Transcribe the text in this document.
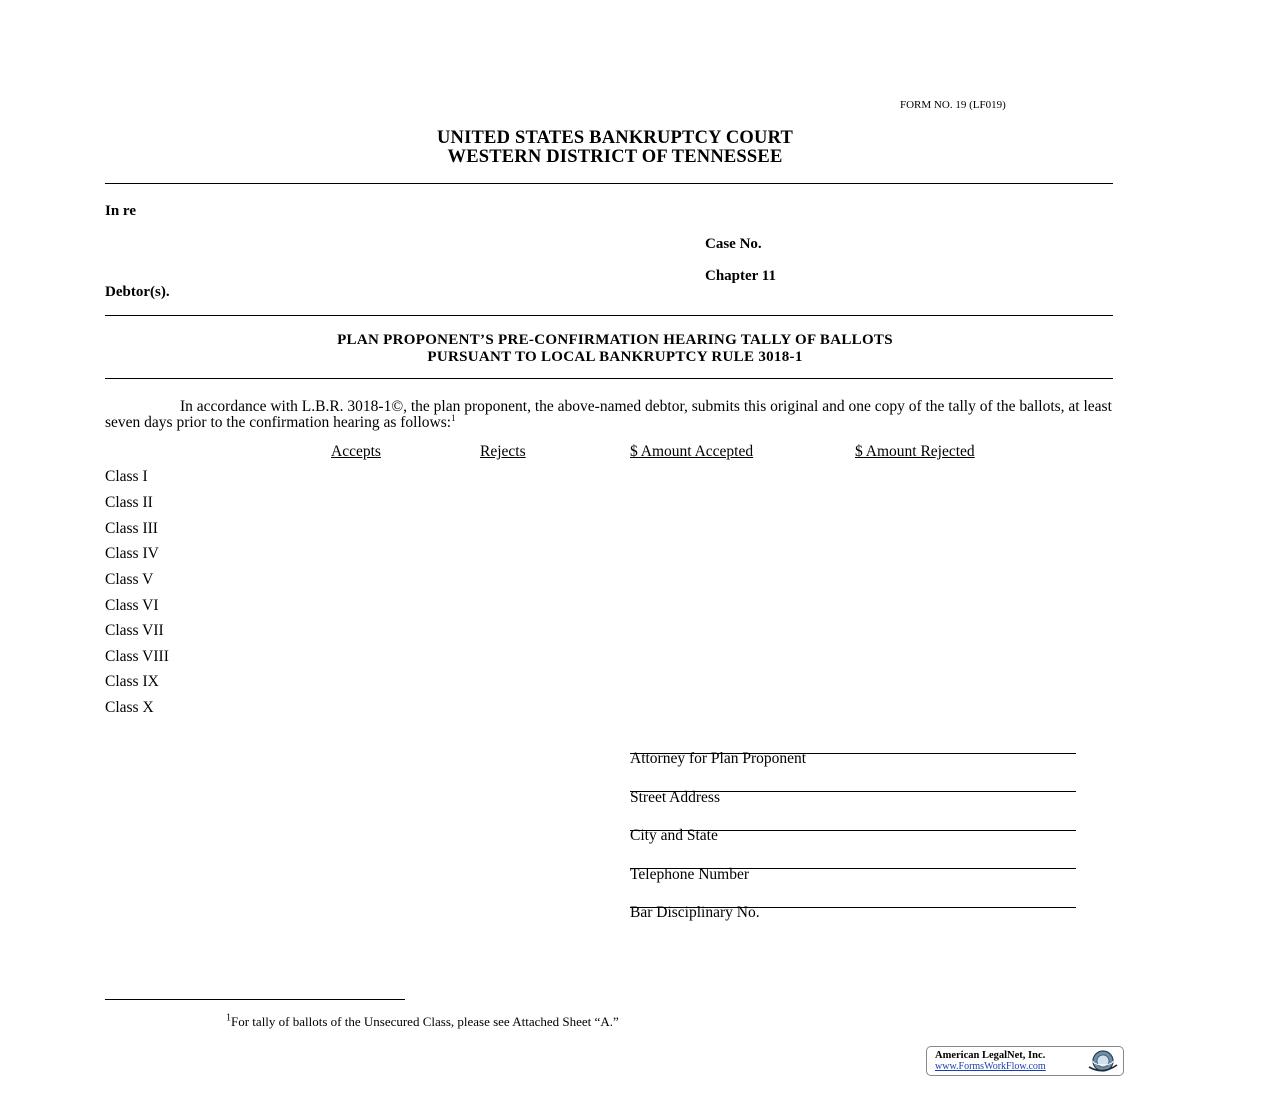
FORM NO. 19 (LF019)
UNITED STATES BANKRUPTCY COURT
WESTERN DISTRICT OF TENNESSEE
In re
Case No.
Chapter 11
Debtor(s).
PLAN PROPONENT’S PRE-CONFIRMATION HEARING TALLY OF BALLOTS
PURSUANT TO LOCAL BANKRUPTCY RULE 3018-1
In accordance with L.B.R. 3018-1©, the plan proponent, the above-named debtor, submits this original and one copy of the tally of the ballots, at least seven days prior to the confirmation hearing as follows:$^1$
Accepts	Rejects	$ Amount Accepted	$ Amount Rejected
Class I
Class II
Class III
Class IV
Class V
Class VI
Class VII
Class VIII
Class IX
Class X
Attorney for Plan Proponent
Street Address
City and State
Telephone Number
Bar Disciplinary No.
$^1$For tally of ballots of the Unsecured Class, please see Attached Sheet “A.”
American LegalNet, Inc.
www.FormsWorkFlow.com
